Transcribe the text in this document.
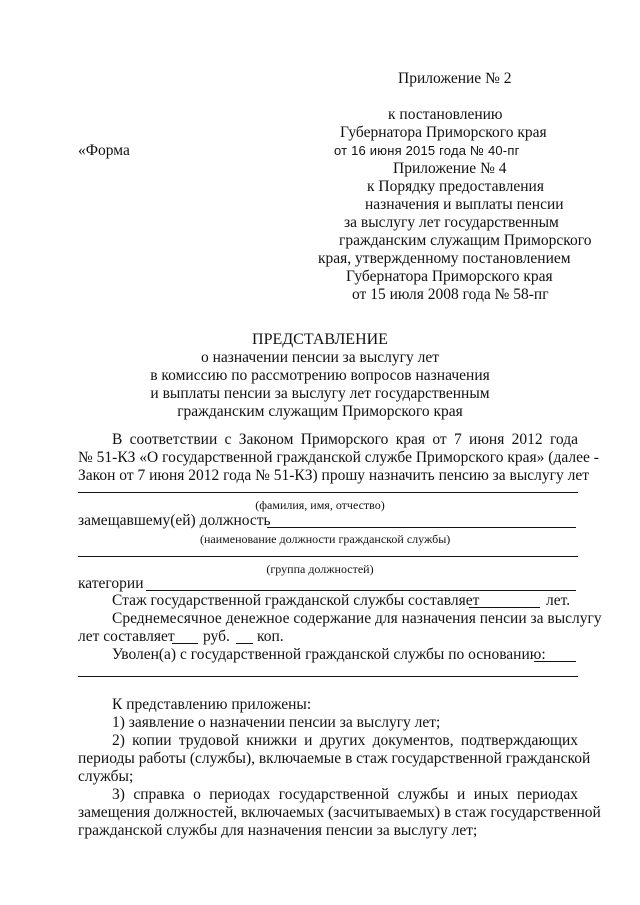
Приложение № 2
к постановлению
Губернатора Приморского края
«Форма	от 16 июня 2015 года № 40-пг
Приложение № 4
к Порядку предоставления
назначения и выплаты пенсии
за выслугу лет государственным
гражданским служащим Приморского
края, утвержденному постановлением
Губернатора Приморского края
от 15 июля 2008 года № 58-пг
ПРЕДСТАВЛЕНИЕ
о назначении пенсии за выслугу лет
в комиссию по рассмотрению вопросов назначения
и выплаты пенсии за выслугу лет государственным
гражданским служащим Приморского края
В соответствии с Законом Приморского края от 7 июня 2012 года
№ 51-КЗ «О государственной гражданской службе Приморского края» (далее -
Закон от 7 июня 2012 года № 51-КЗ) прошу назначить пенсию за выслугу лет
(фамилия, имя, отчество)
замещавшему(ей) должность
(наименование должности гражданской службы)
(группа должностей)
категории
Стаж государственной гражданской службы составляет	лет.
Среднемесячное денежное содержание для назначения пенсии за выслугу
лет составляет руб. коп.
Уволен(а) с государственной гражданской службы по основанию:
К представлению приложены:
1) заявление о назначении пенсии за выслугу лет;
2) копии трудовой книжки и других документов, подтверждающих
периоды работы (службы), включаемые в стаж государственной гражданской
службы;
3) справка о периодах государственной службы и иных периодах
замещения должностей, включаемых (засчитываемых) в стаж государственной
гражданской службы для назначения пенсии за выслугу лет;
